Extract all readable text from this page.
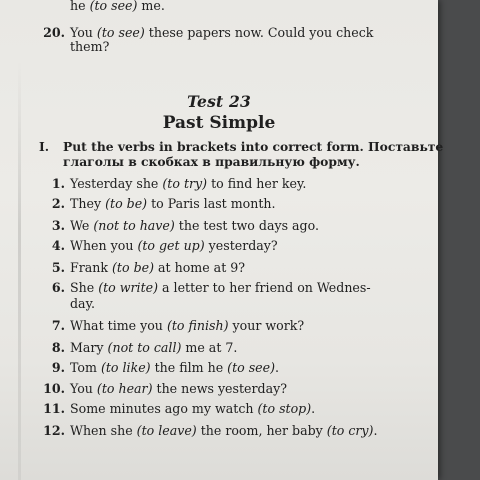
he (to see) me.
20. You (to see) these papers now. Could you check
them?
Test 23
Past Simple
I. Put the verbs in brackets into correct form. Поставьте
глаголы в скобках в правильную форму.
1. Yesterday she (to try) to find her key.
2. They (to be) to Paris last month.
3. We (not to have) the test two days ago.
4. When you (to get up) yesterday?
5. Frank (to be) at home at 9?
6. She (to write) a letter to her friend on Wednes-
day.
7. What time you (to finish) your work?
8. Mary (not to call) me at 7.
9. Tom (to like) the film he (to see).
10. You (to hear) the news yesterday?
11. Some minutes ago my watch (to stop).
12. When she (to leave) the room, her baby (to cry).
